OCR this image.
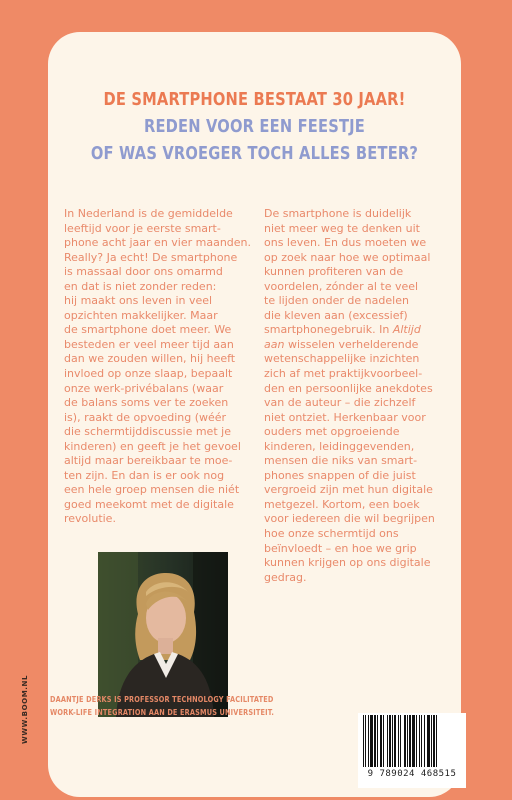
DE SMARTPHONE BESTAAT 30 JAAR!
REDEN VOOR EEN FEESTJE
OF WAS VROEGER TOCH ALLES BETER?
In Nederland is de gemiddelde
leeftijd voor je eerste smart-
phone acht jaar en vier maanden.
Really? Ja echt! De smartphone
is massaal door ons omarmd
en dat is niet zonder reden:
hij maakt ons leven in veel
opzichten makkelijker. Maar
de smartphone doet meer. We
besteden er veel meer tijd aan
dan we zouden willen, hij heeft
invloed op onze slaap, bepaalt
onze werk-privébalans (waar
de balans soms ver te zoeken
is), raakt de opvoeding (wéér
die schermtijddiscussie met je
kinderen) en geeft je het gevoel
altijd maar bereikbaar te moe-
ten zijn. En dan is er ook nog
een hele groep mensen die niét
goed meekomt met de digitale
revolutie.
De smartphone is duidelijk
niet meer weg te denken uit
ons leven. En dus moeten we
op zoek naar hoe we optimaal
kunnen profiteren van de
voordelen, zónder al te veel
te lijden onder de nadelen
die kleven aan (excessief)
smartphonegebruik. In Altijd
aan wisselen verhelderende
wetenschappelijke inzichten
zich af met praktijkvoorbeel-
den en persoonlijke anekdotes
van de auteur – die zichzelf
niet ontziet. Herkenbaar voor
ouders met opgroeiende
kinderen, leidinggevenden,
mensen die niks van smart-
phones snappen of die juist
vergroeid zijn met hun digitale
metgezel. Kortom, een boek
voor iedereen die wil begrijpen
hoe onze schermtijd ons
beïnvloedt – en hoe we grip
kunnen krijgen op ons digitale
gedrag.
9 789024 468515
DAANTJE DERKS IS PROFESSOR TECHNOLOGY FACILITATED
WORK-LIFE INTEGRATION AAN DE ERASMUS UNIVERSITEIT.
WWW.BOOM.NL
